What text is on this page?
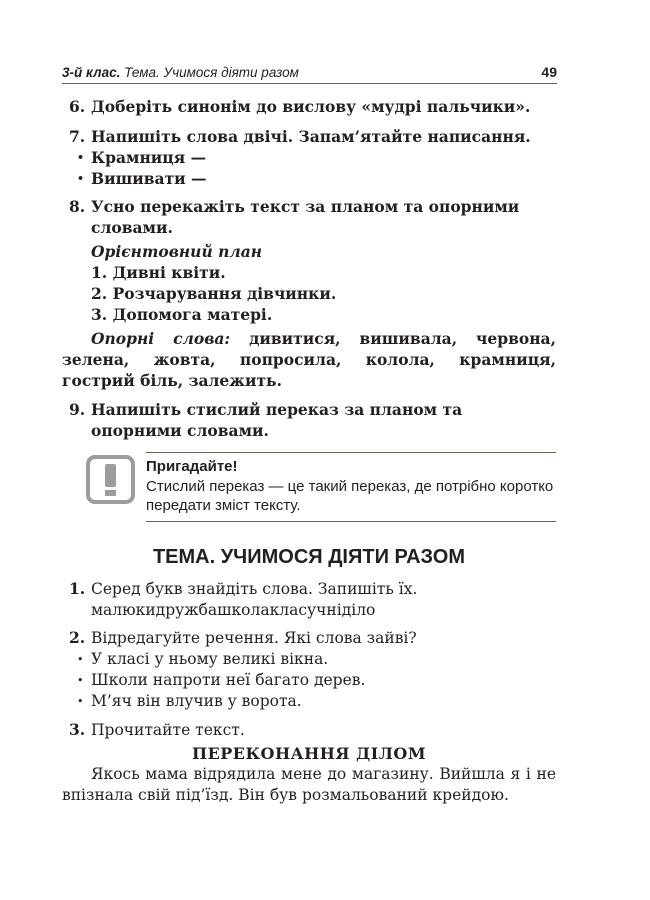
3-й клас. Тема. Учимося діяти разом	49
6. Доберіть синонім до вислову «мудрі пальчики».
7. Напишіть слова двічі. Запам’ятайте написання.
• Крамниця —
• Вишивати —
8. Усно перекажіть текст за планом та опорними словами.
Орієнтовний план
1. Дивні квіти.
2. Розчарування дівчинки.
3. Допомога матері.
Опорні слова: дивитися, вишивала, червона, зелена, жовта, попросила, колола, крамниця, гострий біль, залежить.
9. Напишіть стислий переказ за планом та опорними словами.
Пригадайте!
Стислий переказ — це такий переказ, де потрібно коротко передати зміст тексту.
ТЕМА. УЧИМОСЯ ДІЯТИ РАЗОМ
1. Серед букв знайдіть слова. Запишіть їх.
малюкидружбашколакласучніділо
2. Відредагуйте речення. Які слова зайві?
• У класі у ньому великі вікна.
• Школи напроти неї багато дерев.
• М’яч він влучив у ворота.
3. Прочитайте текст.
ПЕРЕКОНАННЯ ДІЛОМ
Якось мама відрядила мене до магазину. Вийшла я і не впізнала свій під’їзд. Він був розмальований крейдою.
